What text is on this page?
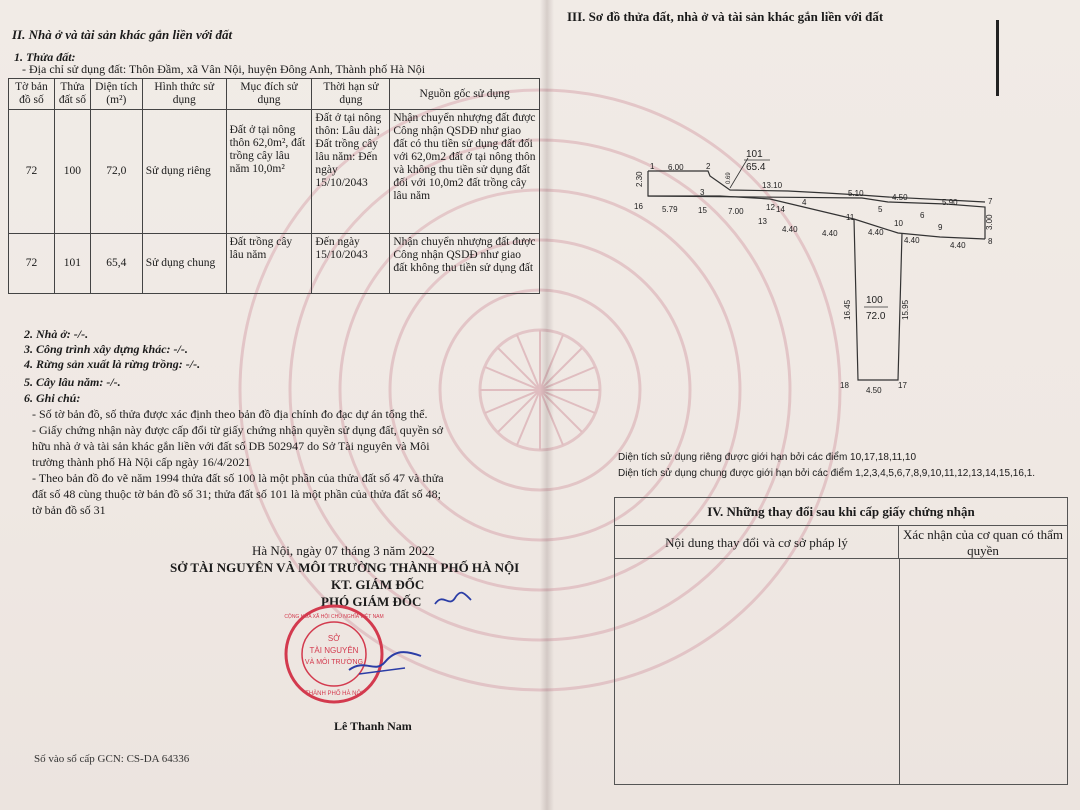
II. Nhà ở và tài sản khác gắn liền với đất
1. Thửa đất:
- Địa chỉ sử dụng đất: Thôn Đầm, xã Vân Nội, huyện Đông Anh, Thành phố Hà Nội
Tờ bản đồ số	Thửa đất số	Diện tích (m²)	Hình thức sử dụng	Mục đích sử dụng	Thời hạn sử dụng	Nguồn gốc sử dụng
72	100	72,0	Sử dụng riêng	Đất ở tại nông thôn 62,0m², đất trồng cây lâu năm 10,0m²	Đất ở tại nông thôn: Lâu dài; Đất trồng cây lâu năm: Đến ngày 15/10/2043	Nhận chuyển nhượng đất được Công nhận QSDĐ như giao đất có thu tiền sử dụng đất đối với 62,0m2 đất ở tại nông thôn và không thu tiền sử dụng đất đối với 10,0m2 đất trồng cây lâu năm
72	101	65,4	Sử dụng chung	Đất trồng cây lâu năm	Đến ngày 15/10/2043	Nhận chuyển nhượng đất được Công nhận QSDĐ như giao đất không thu tiền sử dụng đất
2. Nhà ở: -/-.
3. Công trình xây dựng khác: -/-.
4. Rừng sản xuất là rừng trồng: -/-.
5. Cây lâu năm: -/-.
6. Ghi chú:
- Số tờ bản đồ, số thửa được xác định theo bản đồ địa chính đo đạc dự án tổng thể.
- Giấy chứng nhận này được cấp đổi từ giấy chứng nhận quyền sử dụng đất, quyền sở
hữu nhà ở và tài sản khác gắn liền với đất số DB 502947 do Sở Tài nguyên và Môi
trường thành phố Hà Nội cấp ngày 16/4/2021
- Theo bản đồ đo vẽ năm 1994 thửa đất số 100 là một phần của thửa đất số 47 và thửa
đất số 48 cùng thuộc tờ bản đồ số 31; thửa đất số 101 là một phần của thửa đất số 48;
tờ bản đồ số 31
Hà Nội, ngày 07 tháng 3 năm 2022
SỞ TÀI NGUYÊN VÀ MÔI TRƯỜNG THÀNH PHỐ HÀ NỘI
KT. GIÁM ĐỐC
PHÓ GIÁM ĐỐC
SỞ
TÀI NGUYÊN
VÀ MÔI TRƯỜNG
THÀNH PHỐ HÀ NỘI
CỘNG HÒA XÃ HỘI CHỦ NGHĨA VIỆT NAM
Lê Thanh Nam
Số vào sổ cấp GCN: CS-DA 64336
III. Sơ đồ thửa đất, nhà ở và tài sản khác gắn liền với đất
101
65.4
100
72.0
6.00
13.10
5.10	4.50
5.90
5.79	7.00
4.40	4.40	4.40
4.40
4.40
2.30	0.69
3.00
16.45	15.95
4.50
1	2
3
4
5
6
7
8
9
10
11
12
13
14
15
16
17
18
Diện tích sử dụng riêng được giới hạn bởi các điểm 10,17,18,11,10
Diện tích sử dụng chung được giới hạn bởi các điểm 1,2,3,4,5,6,7,8,9,10,11,12,13,14,15,16,1.
IV. Những thay đổi sau khi cấp giấy chứng nhận
Nội dung thay đổi và cơ sở pháp lý
Xác nhận của cơ quan có thẩm quyền
